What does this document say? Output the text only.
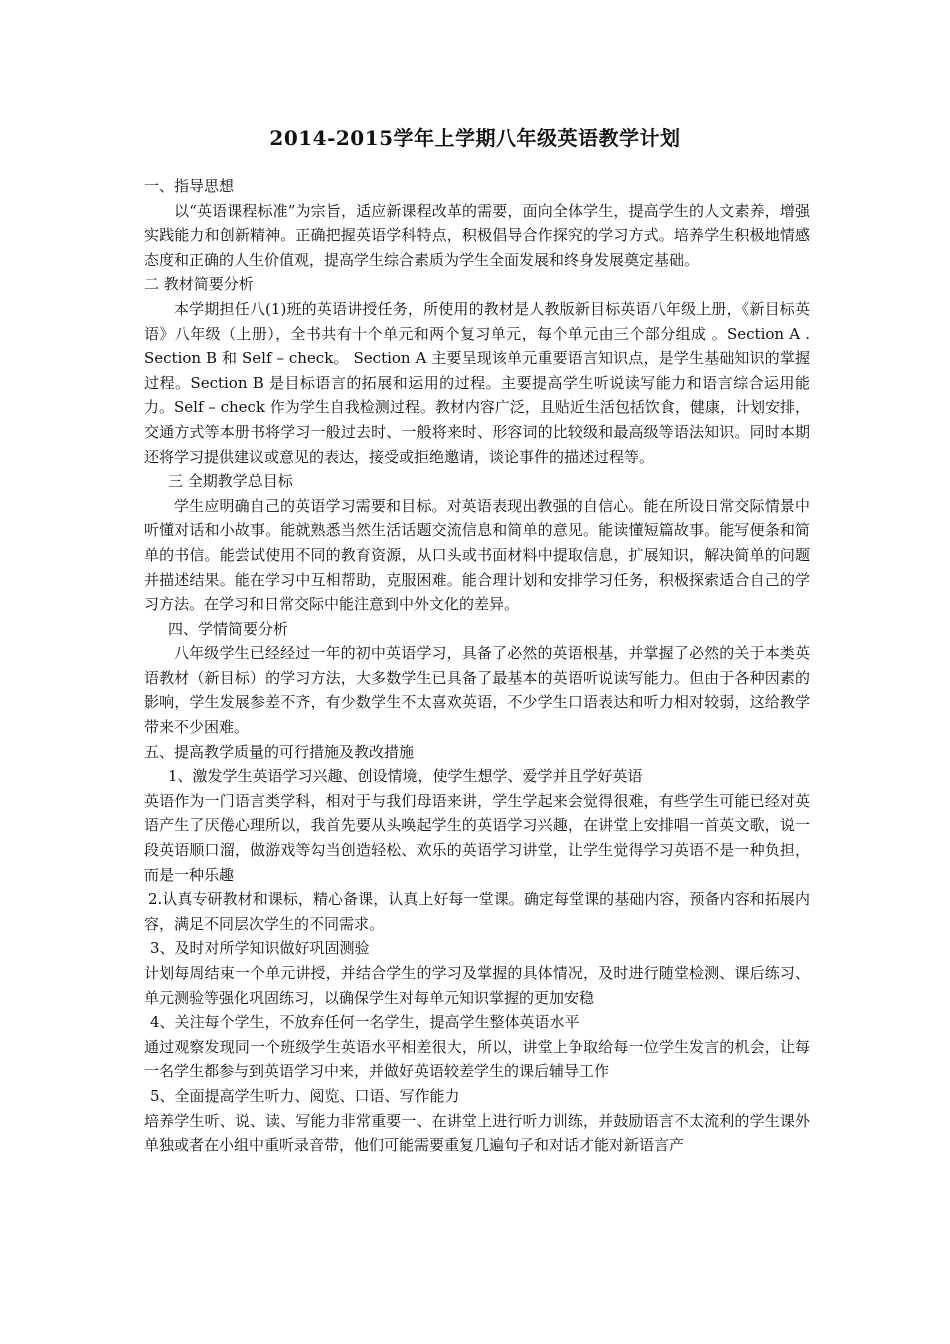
2014-2015学年上学期八年级英语教学计划

一、指导思想

以“英语课程标准”为宗旨，适应新课程改革的需要，面向全体学生，提高学生的人文素养，增强实践能力和创新精神。正确把握英语学科特点，积极倡导合作探究的学习方式。培养学生积极地情感态度和正确的人生价值观，提高学生综合素质为学生全面发展和终身发展奠定基础。

二 教材简要分析

本学期担任八(1)班的英语讲授任务，所使用的教材是人教版新目标英语八年级上册，《新目标英语》八年级（上册），全书共有十个单元和两个复习单元，每个单元由三个部分组成 。Section A . Section B 和 Self – check。 Section A 主要呈现该单元重要语言知识点，是学生基础知识的掌握过程。Section B 是目标语言的拓展和运用的过程。主要提高学生听说读写能力和语言综合运用能力。Self – check 作为学生自我检测过程。教材内容广泛，且贴近生活包括饮食，健康，计划安排，交通方式等本册书将学习一般过去时、一般将来时、形容词的比较级和最高级等语法知识。同时本期还将学习提供建议或意见的表达，接受或拒绝邀请，谈论事件的描述过程等。

三 全期教学总目标

学生应明确自己的英语学习需要和目标。对英语表现出教强的自信心。能在所设日常交际情景中听懂对话和小故事。能就熟悉当然生活话题交流信息和简单的意见。能读懂短篇故事。能写便条和简单的书信。能尝试使用不同的教育资源，从口头或书面材料中提取信息，扩展知识，解决简单的问题并描述结果。能在学习中互相帮助，克服困难。能合理计划和安排学习任务，积极探索适合自己的学习方法。在学习和日常交际中能注意到中外文化的差异。

四、学情简要分析

八年级学生已经经过一年的初中英语学习，具备了必然的英语根基，并掌握了必然的关于本类英语教材（新目标）的学习方法，大多数学生已具备了最基本的英语听说读写能力。但由于各种因素的影响，学生发展参差不齐，有少数学生不太喜欢英语，不少学生口语表达和听力相对较弱，这给教学带来不少困难。

五、提高教学质量的可行措施及教改措施

1、激发学生英语学习兴趣、创设情境，使学生想学、爱学并且学好英语

英语作为一门语言类学科，相对于与我们母语来讲，学生学起来会觉得很难，有些学生可能已经对英语产生了厌倦心理所以，我首先要从头唤起学生的英语学习兴趣，在讲堂上安排唱一首英文歌，说一段英语顺口溜，做游戏等勾当创造轻松、欢乐的英语学习讲堂，让学生觉得学习英语不是一种负担，而是一种乐趣

2.认真专研教材和课标，精心备课，认真上好每一堂课。确定每堂课的基础内容，预备内容和拓展内容，满足不同层次学生的不同需求。

3、及时对所学知识做好巩固测验

计划每周结束一个单元讲授，并结合学生的学习及掌握的具体情况，及时进行随堂检测、课后练习、单元测验等强化巩固练习，以确保学生对每单元知识掌握的更加安稳

4、关注每个学生，不放弃任何一名学生，提高学生整体英语水平

通过观察发现同一个班级学生英语水平相差很大，所以，讲堂上争取给每一位学生发言的机会，让每一名学生都参与到英语学习中来，并做好英语较差学生的课后辅导工作

5、全面提高学生听力、阅览、口语、写作能力

培养学生听、说、读、写能力非常重要一、在讲堂上进行听力训练，并鼓励语言不太流利的学生课外单独或者在小组中重听录音带，他们可能需要重复几遍句子和对话才能对新语言产
